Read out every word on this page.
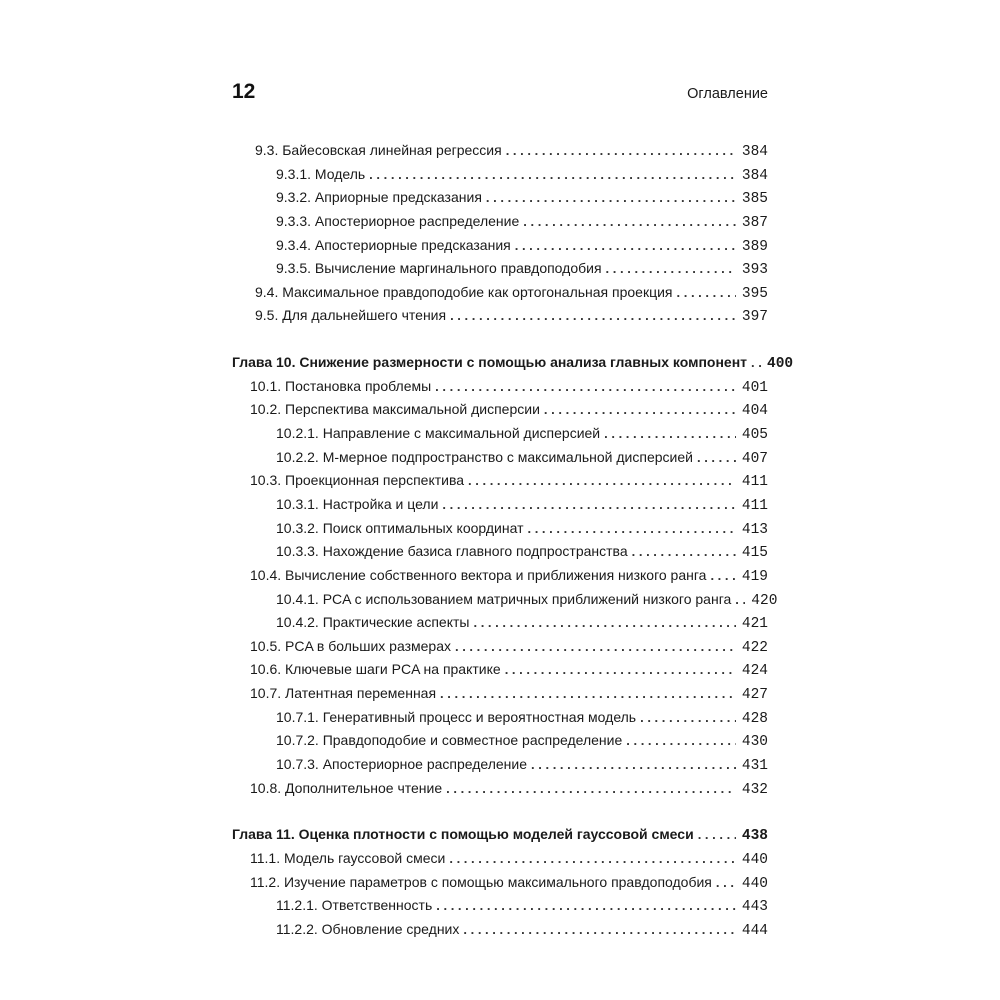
12	Оглавление
9.3. Байесовская линейная регрессия . . .	384
9.3.1. Модель . . .	384
9.3.2. Априорные предсказания . . .	385
9.3.3. Апостериорное распределение . . .	387
9.3.4. Апостериорные предсказания . . .	389
9.3.5. Вычисление маргинального правдоподобия . . .	393
9.4. Максимальное правдоподобие как ортогональная проекция . . .	395
9.5. Для дальнейшего чтения . . .	397
Глава 10. Снижение размерности с помощью анализа главных компонент . . .	400
10.1. Постановка проблемы . . .	401
10.2. Перспектива максимальной дисперсии . . .	404
10.2.1. Направление с максимальной дисперсией . . .	405
10.2.2. M-мерное подпространство с максимальной дисперсией . . .	407
10.3. Проекционная перспектива . . .	411
10.3.1. Настройка и цели . . .	411
10.3.2. Поиск оптимальных координат . . .	413
10.3.3. Нахождение базиса главного подпространства . . .	415
10.4. Вычисление собственного вектора и приближения низкого ранга . . .	419
10.4.1. PCA с использованием матричных приближений низкого ранга . . .	420
10.4.2. Практические аспекты . . .	421
10.5. PCA в больших размерах . . .	422
10.6. Ключевые шаги PCA на практике . . .	424
10.7. Латентная переменная . . .	427
10.7.1. Генеративный процесс и вероятностная модель . . .	428
10.7.2. Правдоподобие и совместное распределение . . .	430
10.7.3. Апостериорное распределение . . .	431
10.8. Дополнительное чтение . . .	432
Глава 11. Оценка плотности с помощью моделей гауссовой смеси . . .	438
11.1. Модель гауссовой смеси . . .	440
11.2. Изучение параметров с помощью максимального правдоподобия . . .	440
11.2.1. Ответственность . . .	443
11.2.2. Обновление средних . . .	444
